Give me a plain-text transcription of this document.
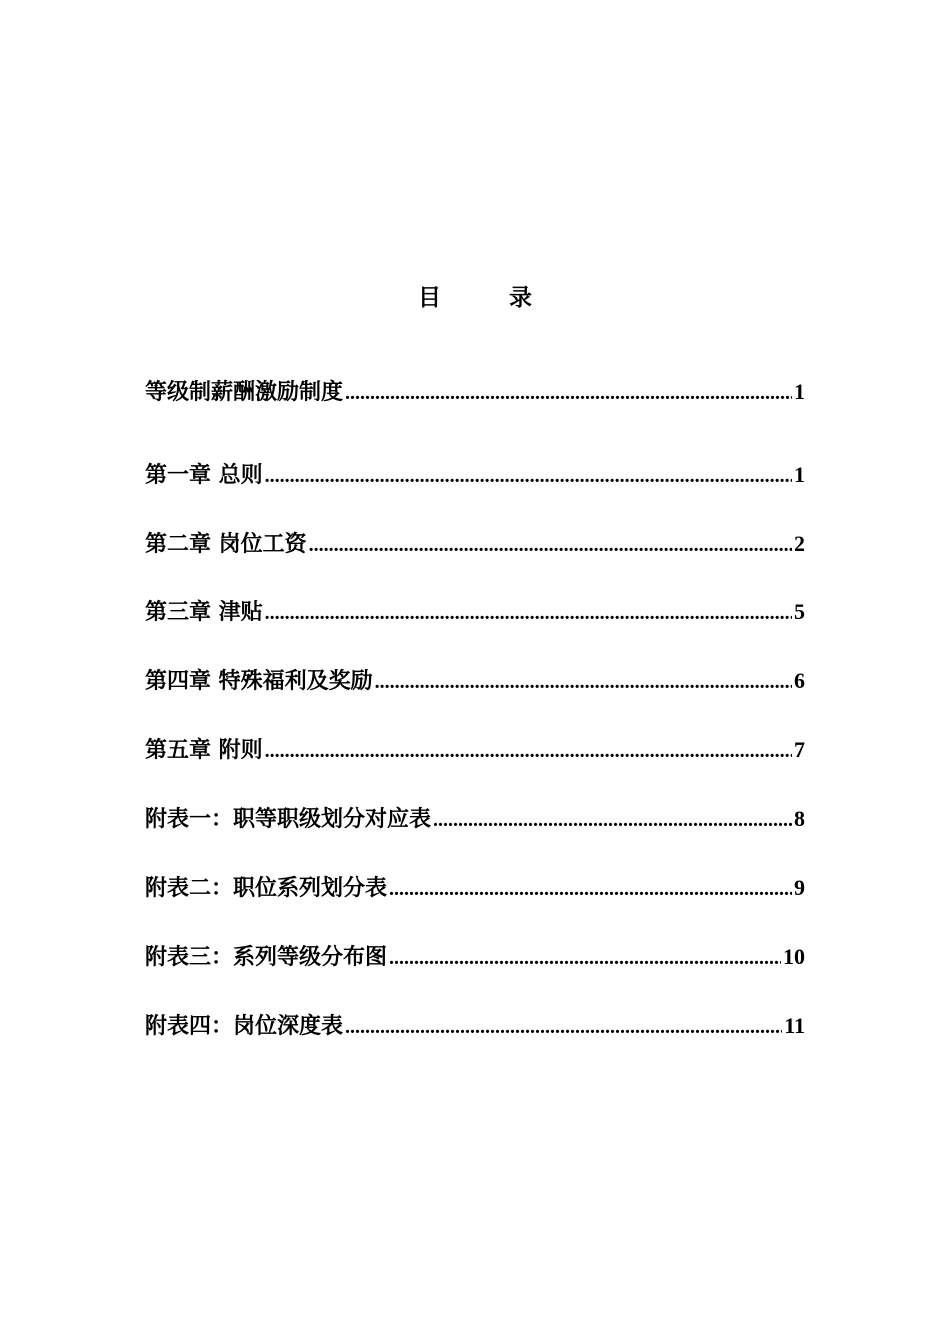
目 录
等级制薪酬激励制度 .....	1
第一章 总则 .....	1
第二章 岗位工资 .....	2
第三章 津贴 .....	5
第四章 特殊福利及奖励 .....	6
第五章 附则 .....	7
附表一：职等职级划分对应表 .....	8
附表二：职位系列划分表 .....	9
附表三：系列等级分布图 .....	10
附表四：岗位深度表 .....	11
